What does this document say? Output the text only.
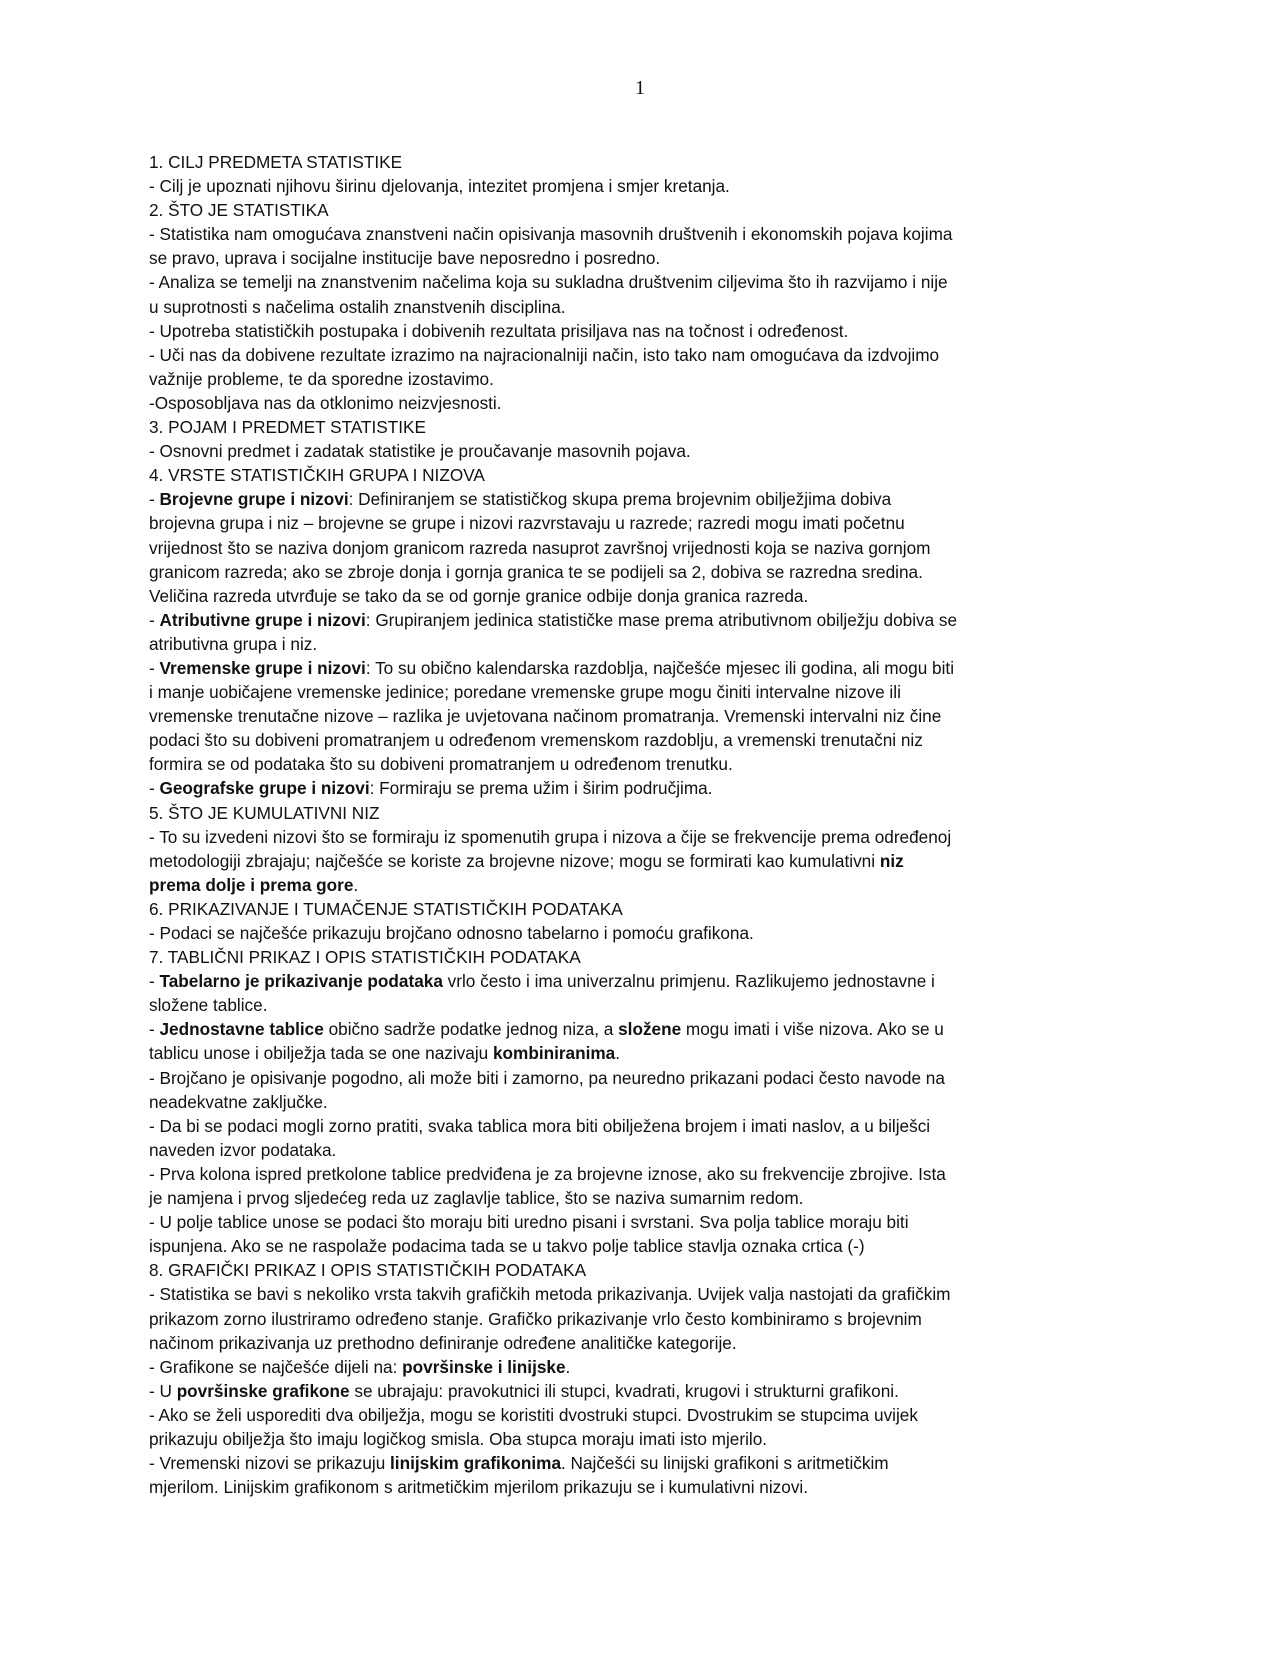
1
1. CILJ PREDMETA STATISTIKE
- Cilj je upoznati njihovu širinu djelovanja, intezitet promjena i smjer kretanja.
2. ŠTO JE STATISTIKA
- Statistika nam omogućava znanstveni način opisivanja masovnih društvenih i ekonomskih pojava kojima
se pravo, uprava i socijalne institucije bave neposredno i posredno.
- Analiza se temelji na znanstvenim načelima koja su sukladna društvenim ciljevima što ih razvijamo i nije
u suprotnosti s načelima ostalih znanstvenih disciplina.
- Upotreba statističkih postupaka i dobivenih rezultata prisiljava nas na točnost i određenost.
- Uči nas da dobivene rezultate izrazimo na najracionalniji način, isto tako nam omogućava da izdvojimo
važnije probleme, te da sporedne izostavimo.
-Osposobljava nas da otklonimo neizvjesnosti.
3. POJAM I PREDMET STATISTIKE
- Osnovni predmet i zadatak statistike je proučavanje masovnih pojava.
4. VRSTE STATISTIČKIH GRUPA I NIZOVA
- Brojevne grupe i nizovi: Definiranjem se statističkog skupa prema brojevnim obilježjima dobiva
brojevna grupa i niz – brojevne se grupe i nizovi razvrstavaju u razrede; razredi mogu imati početnu
vrijednost što se naziva donjom granicom razreda nasuprot završnoj vrijednosti koja se naziva gornjom
granicom razreda; ako se zbroje donja i gornja granica te se podijeli sa 2, dobiva se razredna sredina.
Veličina razreda utvrđuje se tako da se od gornje granice odbije donja granica razreda.
- Atributivne grupe i nizovi: Grupiranjem jedinica statističke mase prema atributivnom obilježju dobiva se
atributivna grupa i niz.
- Vremenske grupe i nizovi: To su obično kalendarska razdoblja, najčešće mjesec ili godina, ali mogu biti
i manje uobičajene vremenske jedinice; poredane vremenske grupe mogu činiti intervalne nizove ili
vremenske trenutačne nizove – razlika je uvjetovana načinom promatranja. Vremenski intervalni niz čine
podaci što su dobiveni promatranjem u određenom vremenskom razdoblju, a vremenski trenutačni niz
formira se od podataka što su dobiveni promatranjem u određenom trenutku.
- Geografske grupe i nizovi: Formiraju se prema užim i širim područjima.
5. ŠTO JE KUMULATIVNI NIZ
- To su izvedeni nizovi što se formiraju iz spomenutih grupa i nizova a čije se frekvencije prema određenoj
metodologiji zbrajaju; najčešće se koriste za brojevne nizove; mogu se formirati kao kumulativni niz
prema dolje i prema gore.
6. PRIKAZIVANJE I TUMAČENJE STATISTIČKIH PODATAKA
- Podaci se najčešće prikazuju brojčano odnosno tabelarno i pomoću grafikona.
7. TABLIČNI PRIKAZ I OPIS STATISTIČKIH PODATAKA
- Tabelarno je prikazivanje podataka vrlo često i ima univerzalnu primjenu. Razlikujemo jednostavne i
složene tablice.
- Jednostavne tablice obično sadrže podatke jednog niza, a složene mogu imati i više nizova. Ako se u
tablicu unose i obilježja tada se one nazivaju kombiniranima.
- Brojčano je opisivanje pogodno, ali može biti i zamorno, pa neuredno prikazani podaci često navode na
neadekvatne zaključke.
- Da bi se podaci mogli zorno pratiti, svaka tablica mora biti obilježena brojem i imati naslov, a u bilješci
naveden izvor podataka.
- Prva kolona ispred pretkolone tablice predviđena je za brojevne iznose, ako su frekvencije zbrojive. Ista
je namjena i prvog sljedećeg reda uz zaglavlje tablice, što se naziva sumarnim redom.
- U polje tablice unose se podaci što moraju biti uredno pisani i svrstani. Sva polja tablice moraju biti
ispunjena. Ako se ne raspolaže podacima tada se u takvo polje tablice stavlja oznaka crtica (-)
8. GRAFIČKI PRIKAZ I OPIS STATISTIČKIH PODATAKA
- Statistika se bavi s nekoliko vrsta takvih grafičkih metoda prikazivanja. Uvijek valja nastojati da grafičkim
prikazom zorno ilustriramo određeno stanje. Grafičko prikazivanje vrlo često kombiniramo s brojevnim
načinom prikazivanja uz prethodno definiranje određene analitičke kategorije.
- Grafikone se najčešće dijeli na: površinske i linijske.
- U površinske grafikone se ubrajaju: pravokutnici ili stupci, kvadrati, krugovi i strukturni grafikoni.
- Ako se želi usporediti dva obilježja, mogu se koristiti dvostruki stupci. Dvostrukim se stupcima uvijek
prikazuju obilježja što imaju logičkog smisla. Oba stupca moraju imati isto mjerilo.
- Vremenski nizovi se prikazuju linijskim grafikonima. Najčešći su linijski grafikoni s aritmetičkim
mjerilom. Linijskim grafikonom s aritmetičkim mjerilom prikazuju se i kumulativni nizovi.
